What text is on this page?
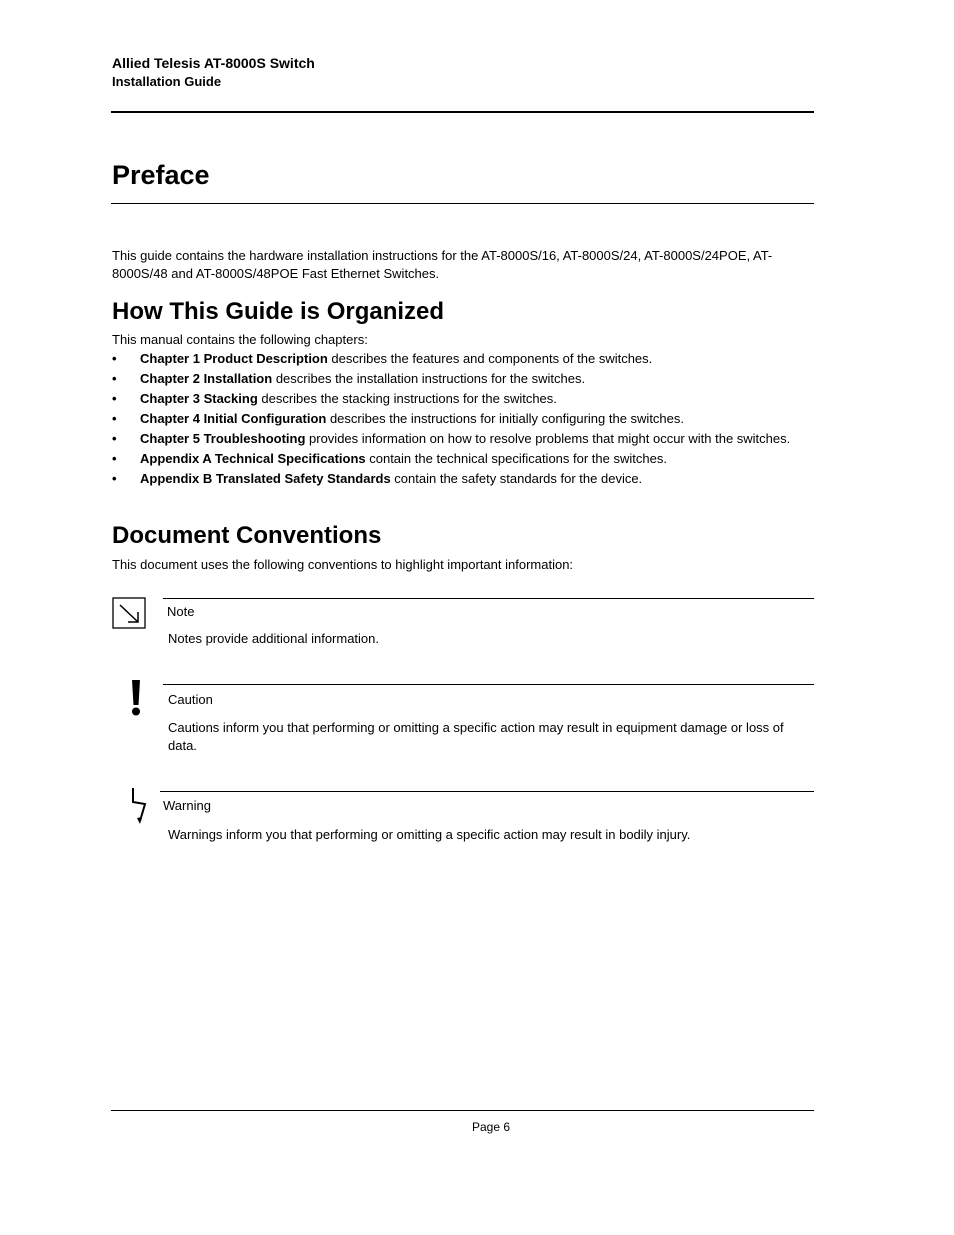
Allied Telesis AT-8000S Switch
Installation Guide
Preface
This guide contains the hardware installation instructions for the AT-8000S/16, AT-8000S/24, AT-8000S/24POE, AT-8000S/48 and AT-8000S/48POE Fast Ethernet Switches.
How This Guide is Organized
This manual contains the following chapters:
• Chapter 1 Product Description describes the features and components of the switches.
• Chapter 2 Installation describes the installation instructions for the switches.
• Chapter 3 Stacking describes the stacking instructions for the switches.
• Chapter 4 Initial Configuration describes the instructions for initially configuring the switches.
• Chapter 5 Troubleshooting provides information on how to resolve problems that might occur with the switches.
• Appendix A Technical Specifications contain the technical specifications for the switches.
• Appendix B Translated Safety Standards contain the safety standards for the device.
Document Conventions
This document uses the following conventions to highlight important information:
Note
Notes provide additional information.
Caution
Cautions inform you that performing or omitting a specific action may result in equipment damage or loss of data.
Warning
Warnings inform you that performing or omitting a specific action may result in bodily injury.
Page 6
